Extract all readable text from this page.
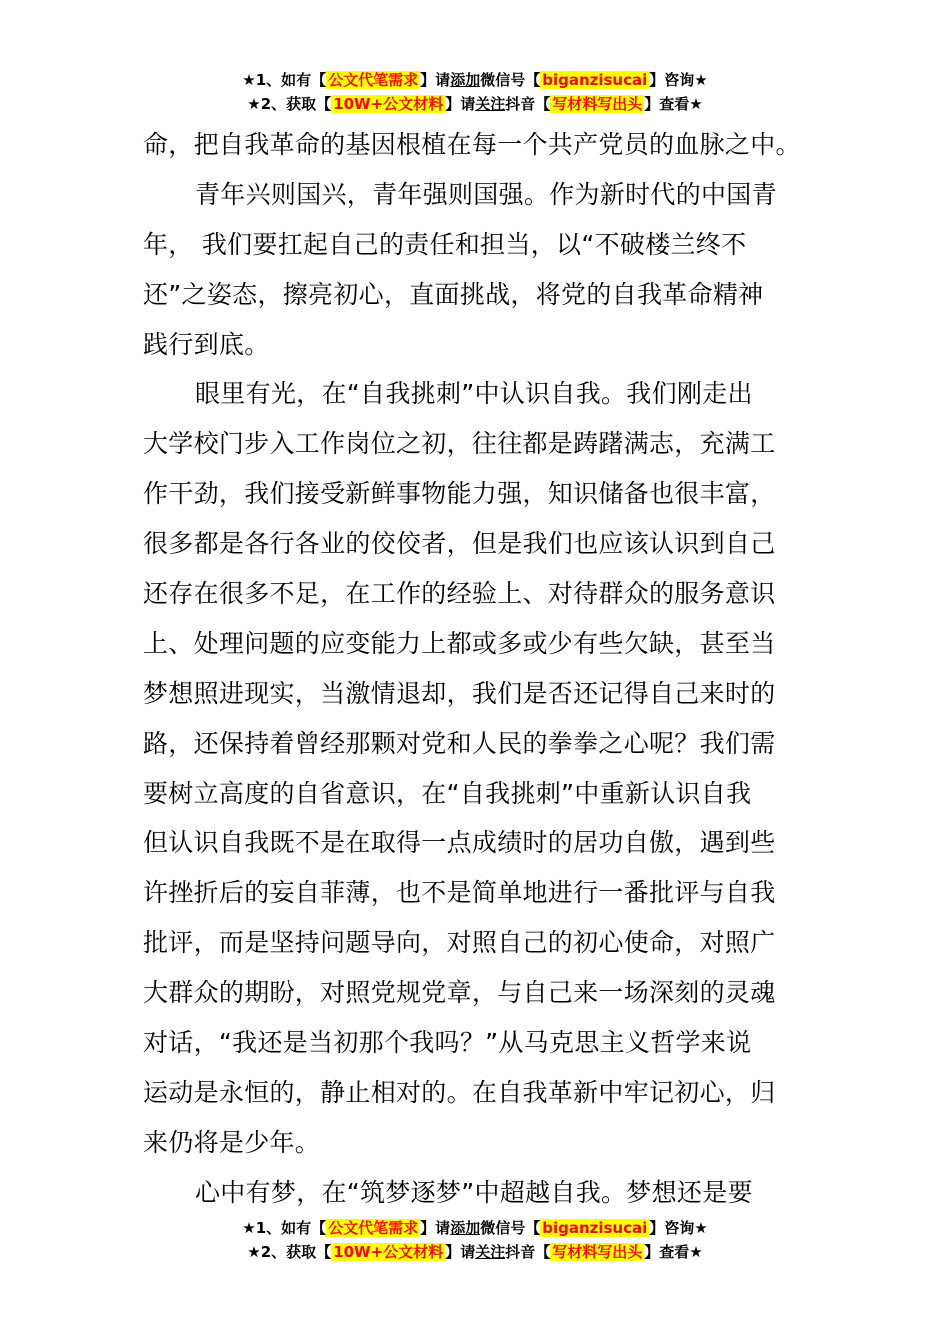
★1、如有【 公文代笔需求 】请添加微信号【 biganzisucai 】咨询★
★2、获取【 10W+公文材料 】请关注抖音【 写材料写出头 】查看★
命，把自我革命的基因根植在每一个共产党员的血脉之中。
青年兴则国兴，青年强则国强。作为新时代的中国青
年， 我们要扛起自己的责任和担当，以“不破楼兰终不
还”之姿态，擦亮初心，直面挑战，将党的自我革命精神
践行到底。
眼里有光，在“自我挑刺”中认识自我。我们刚走出
大学校门步入工作岗位之初，往往都是踌躇满志，充满工
作干劲，我们接受新鲜事物能力强，知识储备也很丰富，
很多都是各行各业的佼佼者，但是我们也应该认识到自己
还存在很多不足，在工作的经验上、对待群众的服务意识
上、处理问题的应变能力上都或多或少有些欠缺，甚至当
梦想照进现实，当激情退却，我们是否还记得自己来时的
路，还保持着曾经那颗对党和人民的拳拳之心呢？我们需
要树立高度的自省意识，在“自我挑刺”中重新认识自我
但认识自我既不是在取得一点成绩时的居功自傲，遇到些
许挫折后的妄自菲薄，也不是简单地进行一番批评与自我
批评，而是坚持问题导向，对照自己的初心使命，对照广
大群众的期盼，对照党规党章，与自己来一场深刻的灵魂
对话，“我还是当初那个我吗？”从马克思主义哲学来说
运动是永恒的，静止相对的。在自我革新中牢记初心，归
来仍将是少年。
心中有梦，在“筑梦逐梦”中超越自我。梦想还是要
★1、如有【 公文代笔需求 】请添加微信号【 biganzisucai 】咨询★
★2、获取【 10W+公文材料 】请关注抖音【 写材料写出头 】查看★
